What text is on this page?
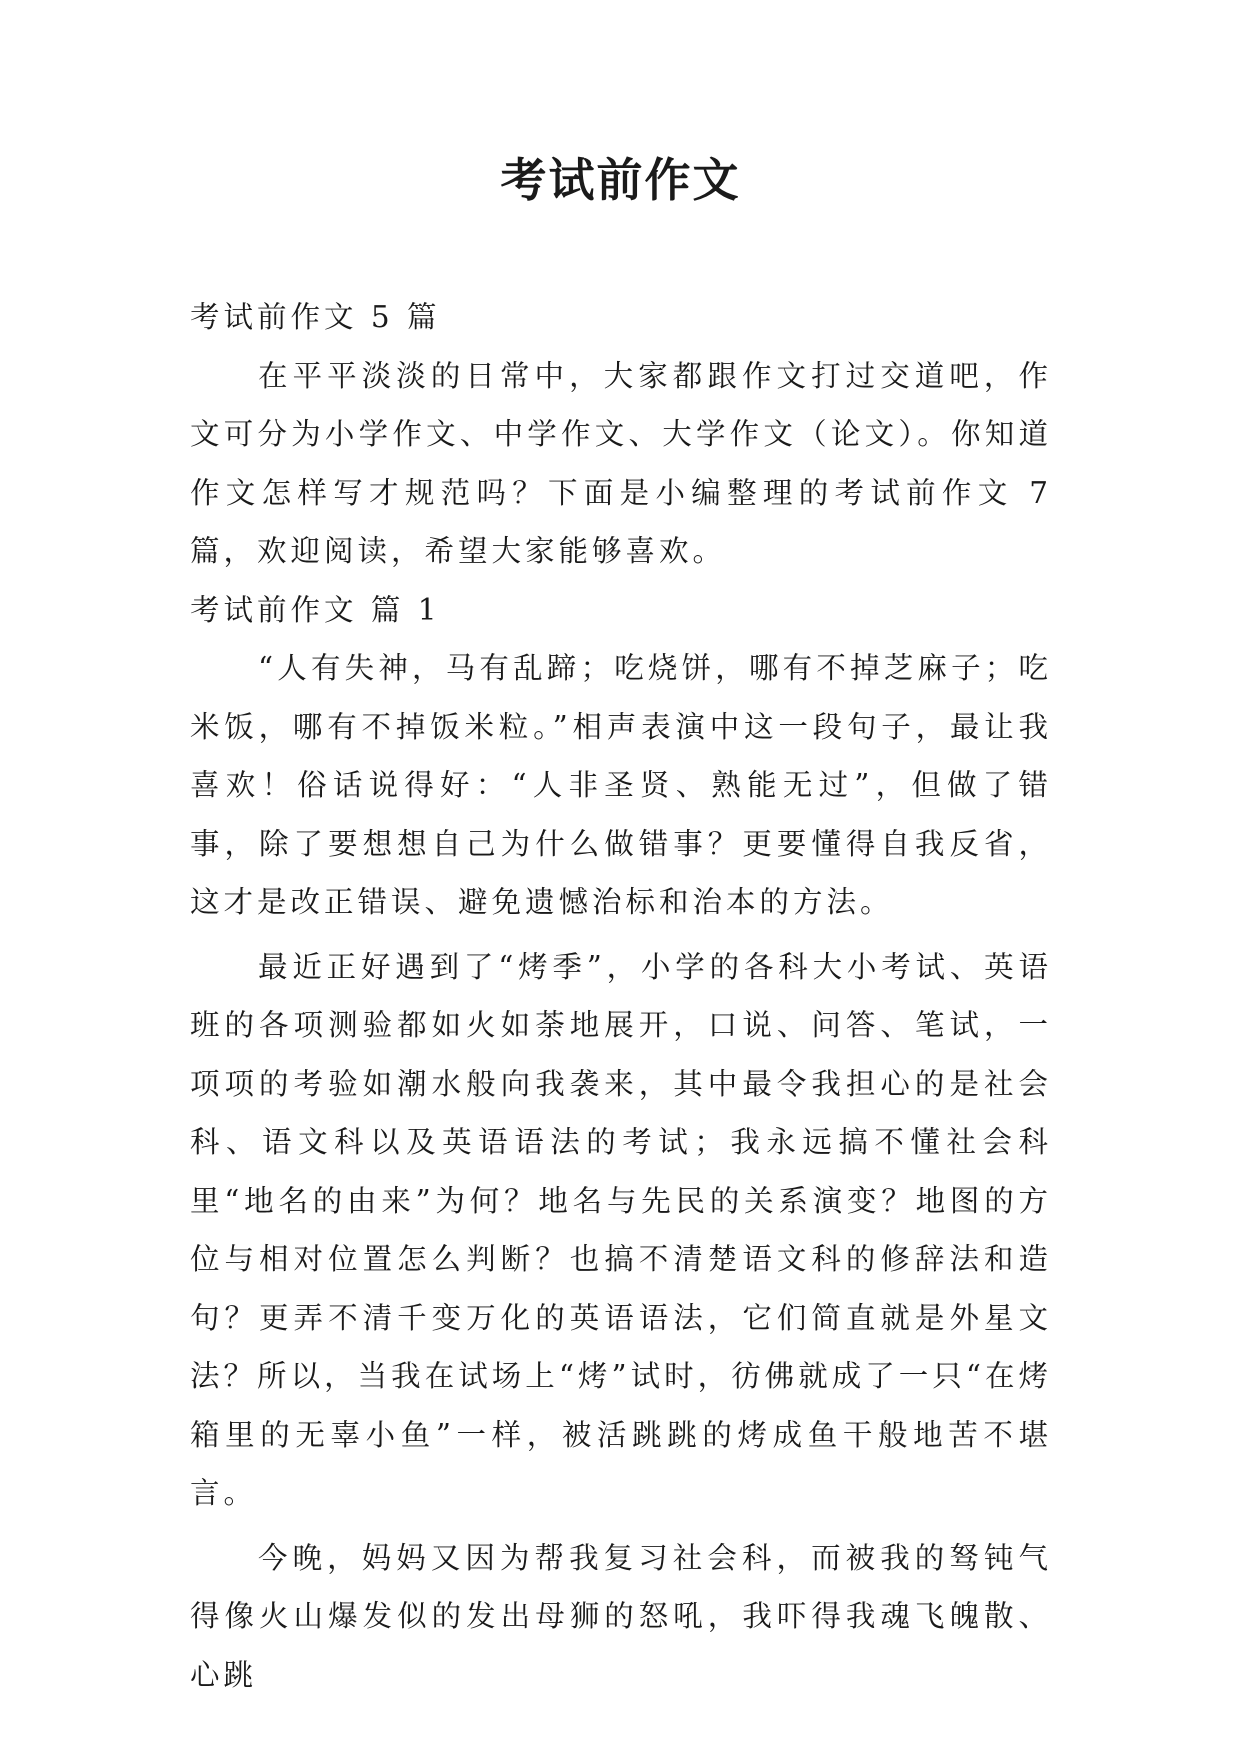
考试前作文

考试前作文 5 篇

在平平淡淡的日常中，大家都跟作文打过交道吧，作文可分为小学作文、中学作文、大学作文（论文）。你知道作文怎样写才规范吗？下面是小编整理的考试前作文 7 篇，欢迎阅读，希望大家能够喜欢。

考试前作文 篇 1

“人有失神，马有乱蹄；吃烧饼，哪有不掉芝麻子；吃米饭，哪有不掉饭米粒。”相声表演中这一段句子，最让我喜欢！俗话说得好：“人非圣贤、熟能无过”，但做了错事，除了要想想自己为什么做错事？更要懂得自我反省，这才是改正错误、避免遗憾治标和治本的方法。

最近正好遇到了“烤季”，小学的各科大小考试、英语班的各项测验都如火如荼地展开，口说、问答、笔试，一项项的考验如潮水般向我袭来，其中最令我担心的是社会科、语文科以及英语语法的考试；我永远搞不懂社会科里“地名的由来”为何？地名与先民的关系演变？地图的方位与相对位置怎么判断？也搞不清楚语文科的修辞法和造句？更弄不清千变万化的英语语法，它们简直就是外星文法？所以，当我在试场上“烤”试时，彷佛就成了一只“在烤箱里的无辜小鱼”一样，被活跳跳的烤成鱼干般地苦不堪言。

今晚，妈妈又因为帮我复习社会科，而被我的驽钝气得像火山爆发似的发出母狮的怒吼，我吓得我魂飞魄散、心跳
